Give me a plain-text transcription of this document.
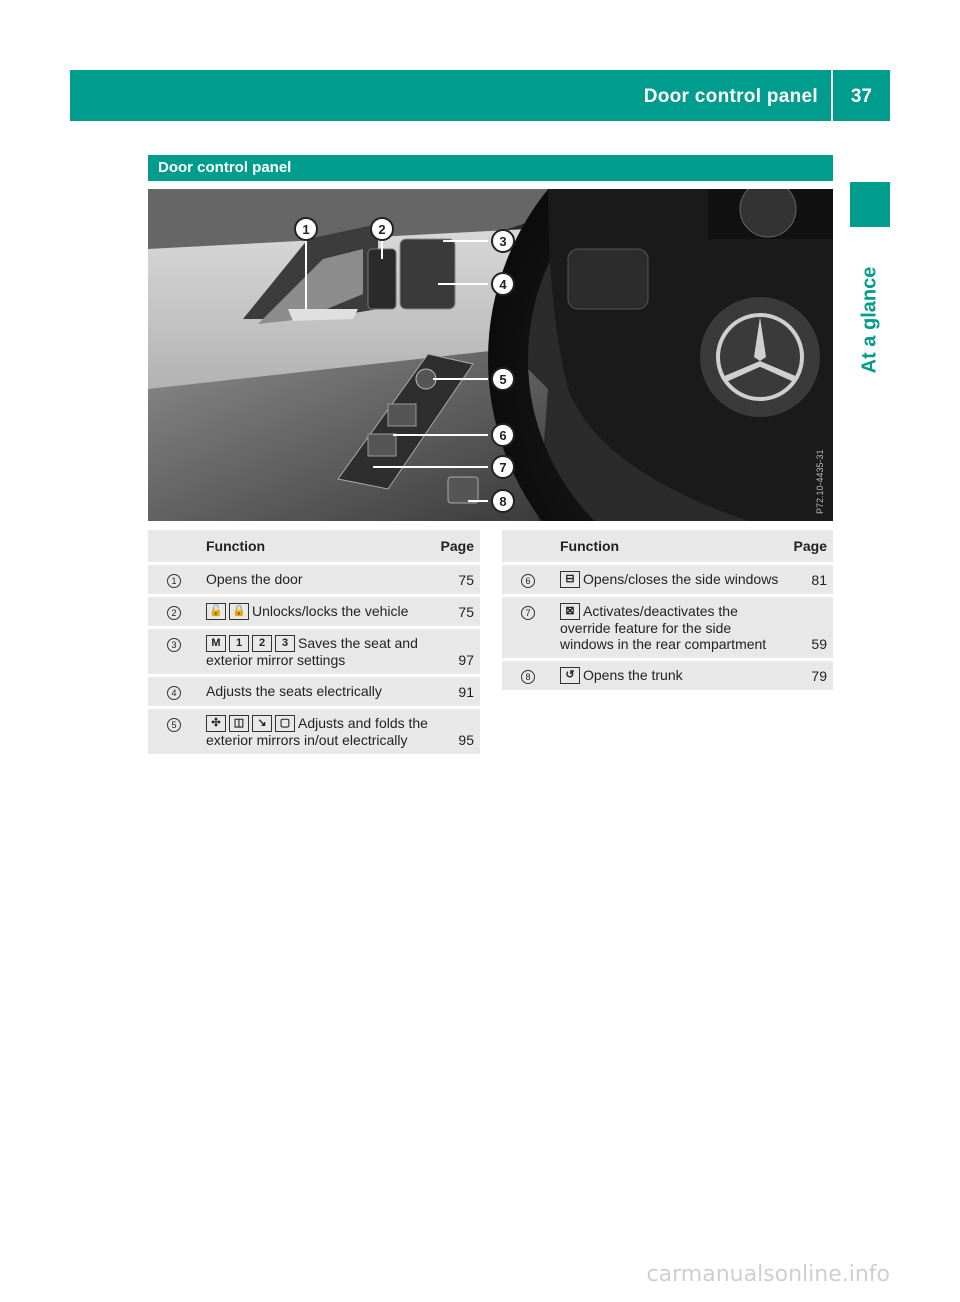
Door control panel 37
At a glance
Door control panel
1	2
3
4
5
6
7
8	P72.10-4435-31
	Function	Page
1	Opens the door	75
2	🔓 🔒 Unlocks/locks the vehicle	75
3	M 1 2 3 Saves the seat and exterior mirror settings	97
4	Adjusts the seats electrically	91
5	✣ ◫ ↘ ▢ Adjusts and folds the exterior mirrors in/out electrically	95
	Function	Page
6	⊟ Opens/closes the side windows	81
7	⊠ Activates/deactivates the override feature for the side windows in the rear compartment	59
8	↺ Opens the trunk	79
carmanualsonline.info
